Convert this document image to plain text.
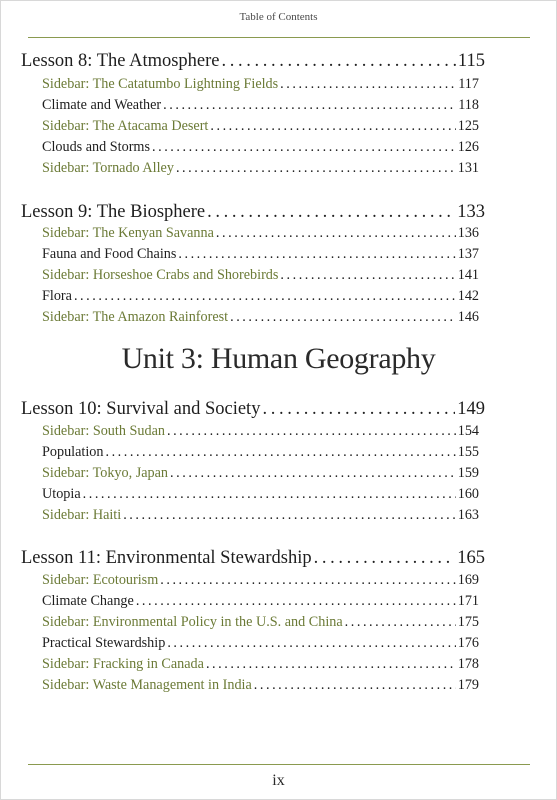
Table of Contents
Lesson 8: The Atmosphere . . .	115
Sidebar: The Catatumbo Lightning Fields . . .	117
Climate and Weather . . .	118
Sidebar: The Atacama Desert . . .	125
Clouds and Storms . . .	126
Sidebar: Tornado Alley . . .	131
Lesson 9: The Biosphere . . .	133
Sidebar: The Kenyan Savanna . . .	136
Fauna and Food Chains . . .	137
Sidebar: Horseshoe Crabs and Shorebirds . . .	141
Flora . . .	142
Sidebar: The Amazon Rainforest . . .	146
Unit 3: Human Geography
Lesson 10: Survival and Society . . .	149
Sidebar: South Sudan . . .	154
Population . . .	155
Sidebar: Tokyo, Japan . . .	159
Utopia . . .	160
Sidebar: Haiti . . .	163
Lesson 11: Environmental Stewardship . . .	165
Sidebar: Ecotourism . . .	169
Climate Change . . .	171
Sidebar: Environmental Policy in the U.S. and China . . .	175
Practical Stewardship . . .	176
Sidebar: Fracking in Canada . . .	178
Sidebar: Waste Management in India . . .	179
ix
